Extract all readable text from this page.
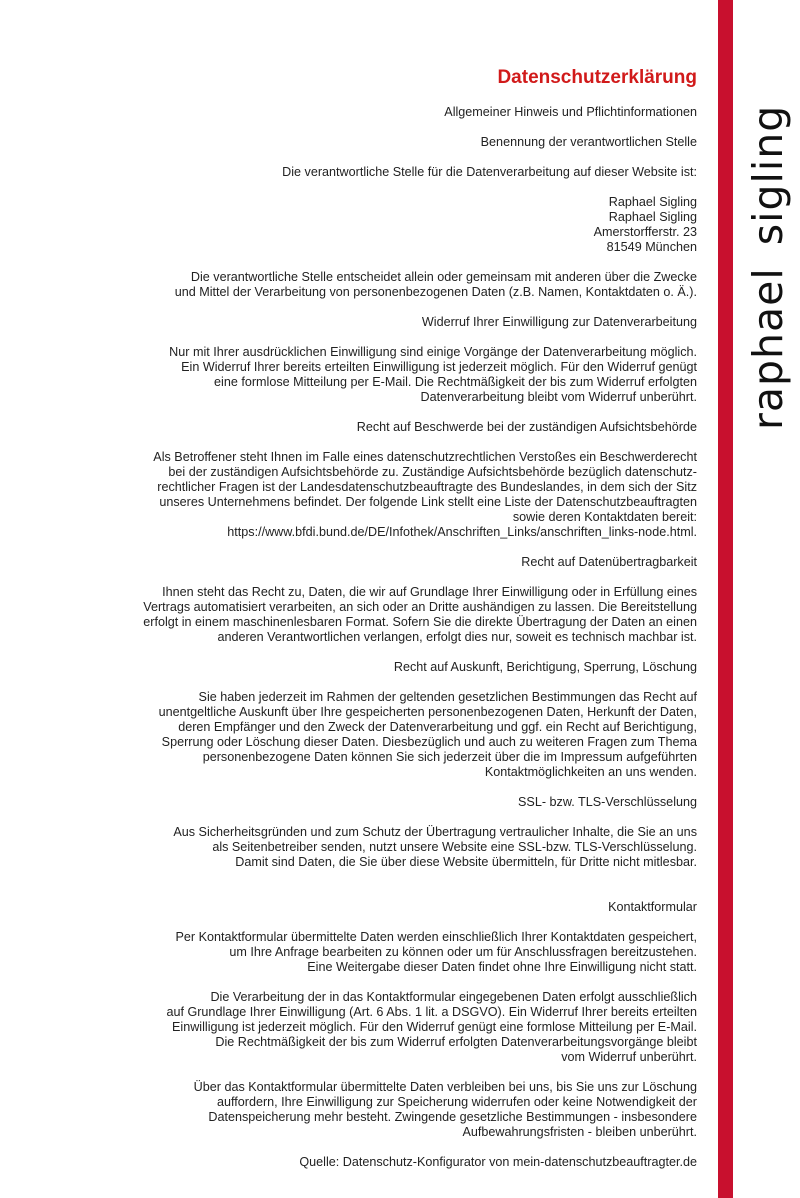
raphaelsigling
Datenschutzerklärung
Allgemeiner Hinweis und Pflichtinformationen
Benennung der verantwortlichen Stelle
Die verantwortliche Stelle für die Datenverarbeitung auf dieser Website ist:
Raphael Sigling
Raphael Sigling
Amerstorfferstr. 23
81549 München
Die verantwortliche Stelle entscheidet allein oder gemeinsam mit anderen über die Zwecke
und Mittel der Verarbeitung von personenbezogenen Daten (z.B. Namen, Kontaktdaten o. Ä.).
Widerruf Ihrer Einwilligung zur Datenverarbeitung
Nur mit Ihrer ausdrücklichen Einwilligung sind einige Vorgänge der Datenverarbeitung möglich.
Ein Widerruf Ihrer bereits erteilten Einwilligung ist jederzeit möglich. Für den Widerruf genügt
eine formlose Mitteilung per E-Mail. Die Rechtmäßigkeit der bis zum Widerruf erfolgten
Datenverarbeitung bleibt vom Widerruf unberührt.
Recht auf Beschwerde bei der zuständigen Aufsichtsbehörde
Als Betroffener steht Ihnen im Falle eines datenschutzrechtlichen Verstoßes ein Beschwerderecht
bei der zuständigen Aufsichtsbehörde zu. Zuständige Aufsichtsbehörde bezüglich datenschutz-
rechtlicher Fragen ist der Landesdatenschutzbeauftragte des Bundeslandes, in dem sich der Sitz
unseres Unternehmens befindet. Der folgende Link stellt eine Liste der Datenschutzbeauftragten
sowie deren Kontaktdaten bereit:
https://www.bfdi.bund.de/DE/Infothek/Anschriften_Links/anschriften_links-node.html.
Recht auf Datenübertragbarkeit
Ihnen steht das Recht zu, Daten, die wir auf Grundlage Ihrer Einwilligung oder in Erfüllung eines
Vertrags automatisiert verarbeiten, an sich oder an Dritte aushändigen zu lassen. Die Bereitstellung
erfolgt in einem maschinenlesbaren Format. Sofern Sie die direkte Übertragung der Daten an einen
anderen Verantwortlichen verlangen, erfolgt dies nur, soweit es technisch machbar ist.
Recht auf Auskunft, Berichtigung, Sperrung, Löschung
Sie haben jederzeit im Rahmen der geltenden gesetzlichen Bestimmungen das Recht auf
unentgeltliche Auskunft über Ihre gespeicherten personenbezogenen Daten, Herkunft der Daten,
deren Empfänger und den Zweck der Datenverarbeitung und ggf. ein Recht auf Berichtigung,
Sperrung oder Löschung dieser Daten. Diesbezüglich und auch zu weiteren Fragen zum Thema
personenbezogene Daten können Sie sich jederzeit über die im Impressum aufgeführten
Kontaktmöglichkeiten an uns wenden.
SSL- bzw. TLS-Verschlüsselung
Aus Sicherheitsgründen und zum Schutz der Übertragung vertraulicher Inhalte, die Sie an uns
als Seitenbetreiber senden, nutzt unsere Website eine SSL-bzw. TLS-Verschlüsselung.
Damit sind Daten, die Sie über diese Website übermitteln, für Dritte nicht mitlesbar.
Kontaktformular
Per Kontaktformular übermittelte Daten werden einschließlich Ihrer Kontaktdaten gespeichert,
um Ihre Anfrage bearbeiten zu können oder um für Anschlussfragen bereitzustehen.
Eine Weitergabe dieser Daten findet ohne Ihre Einwilligung nicht statt.
Die Verarbeitung der in das Kontaktformular eingegebenen Daten erfolgt ausschließlich
auf Grundlage Ihrer Einwilligung (Art. 6 Abs. 1 lit. a DSGVO). Ein Widerruf Ihrer bereits erteilten
Einwilligung ist jederzeit möglich. Für den Widerruf genügt eine formlose Mitteilung per E-Mail.
Die Rechtmäßigkeit der bis zum Widerruf erfolgten Datenverarbeitungsvorgänge bleibt
vom Widerruf unberührt.
Über das Kontaktformular übermittelte Daten verbleiben bei uns, bis Sie uns zur Löschung
auffordern, Ihre Einwilligung zur Speicherung widerrufen oder keine Notwendigkeit der
Datenspeicherung mehr besteht. Zwingende gesetzliche Bestimmungen - insbesondere
Aufbewahrungsfristen - bleiben unberührt.
Quelle: Datenschutz-Konfigurator von mein-datenschutzbeauftragter.de
